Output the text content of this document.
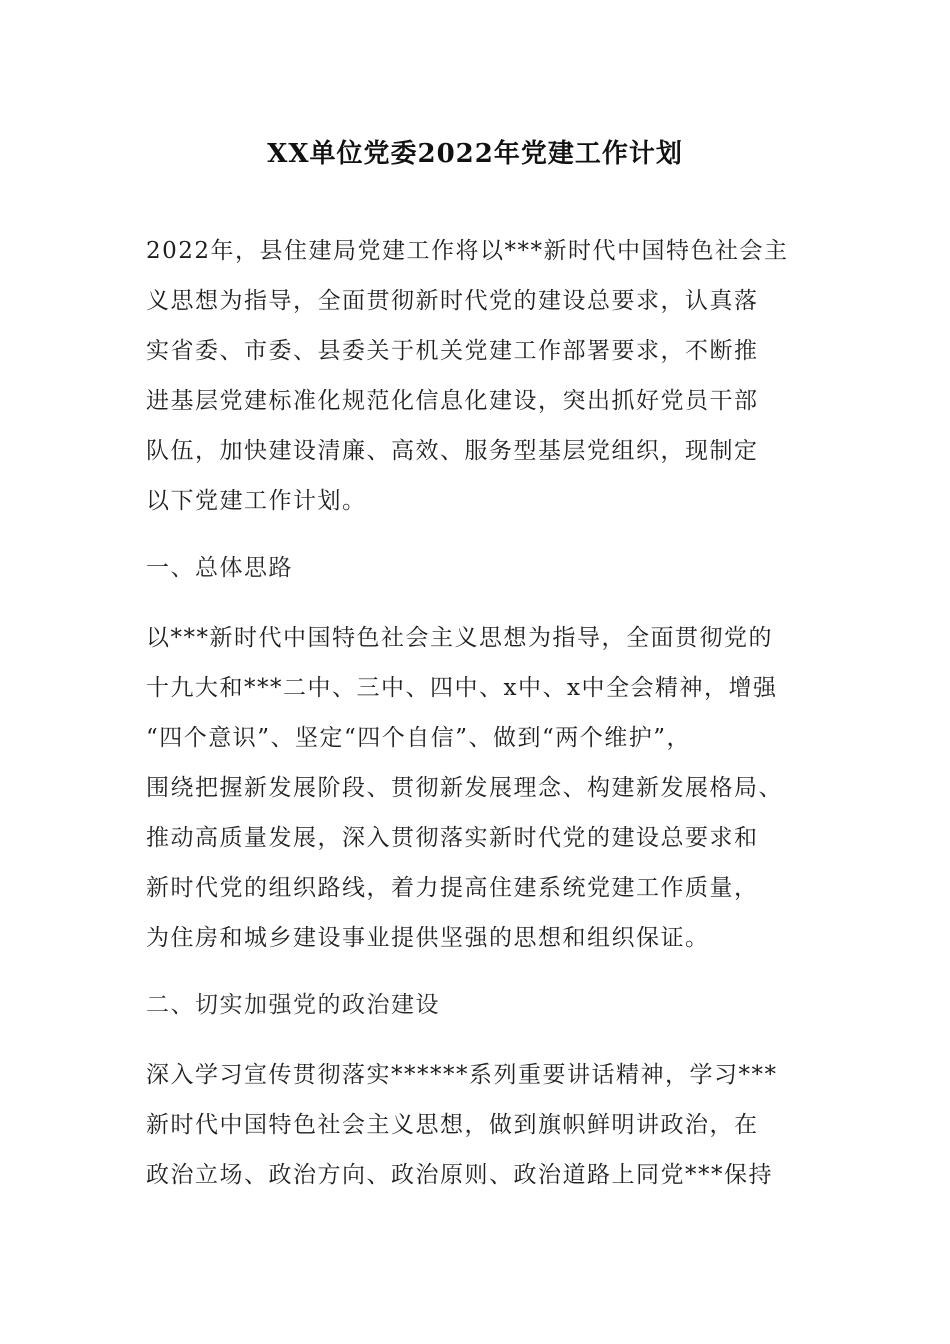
XX单位党委2022年党建工作计划
2022年，县住建局党建工作将以***新时代中国特色社会主
义思想为指导，全面贯彻新时代党的建设总要求，认真落
实省委、市委、县委关于机关党建工作部署要求，不断推
进基层党建标准化规范化信息化建设，突出抓好党员干部
队伍，加快建设清廉、高效、服务型基层党组织，现制定
以下党建工作计划。
一、总体思路
以***新时代中国特色社会主义思想为指导，全面贯彻党的
十九大和***二中、三中、四中、x中、x中全会精神，增强
“四个意识”、坚定“四个自信”、做到“两个维护”，
围绕把握新发展阶段、贯彻新发展理念、构建新发展格局、
推动高质量发展，深入贯彻落实新时代党的建设总要求和
新时代党的组织路线，着力提高住建系统党建工作质量，
为住房和城乡建设事业提供坚强的思想和组织保证。
二、切实加强党的政治建设
深入学习宣传贯彻落实******系列重要讲话精神，学习***
新时代中国特色社会主义思想，做到旗帜鲜明讲政治，在
政治立场、政治方向、政治原则、政治道路上同党***保持
